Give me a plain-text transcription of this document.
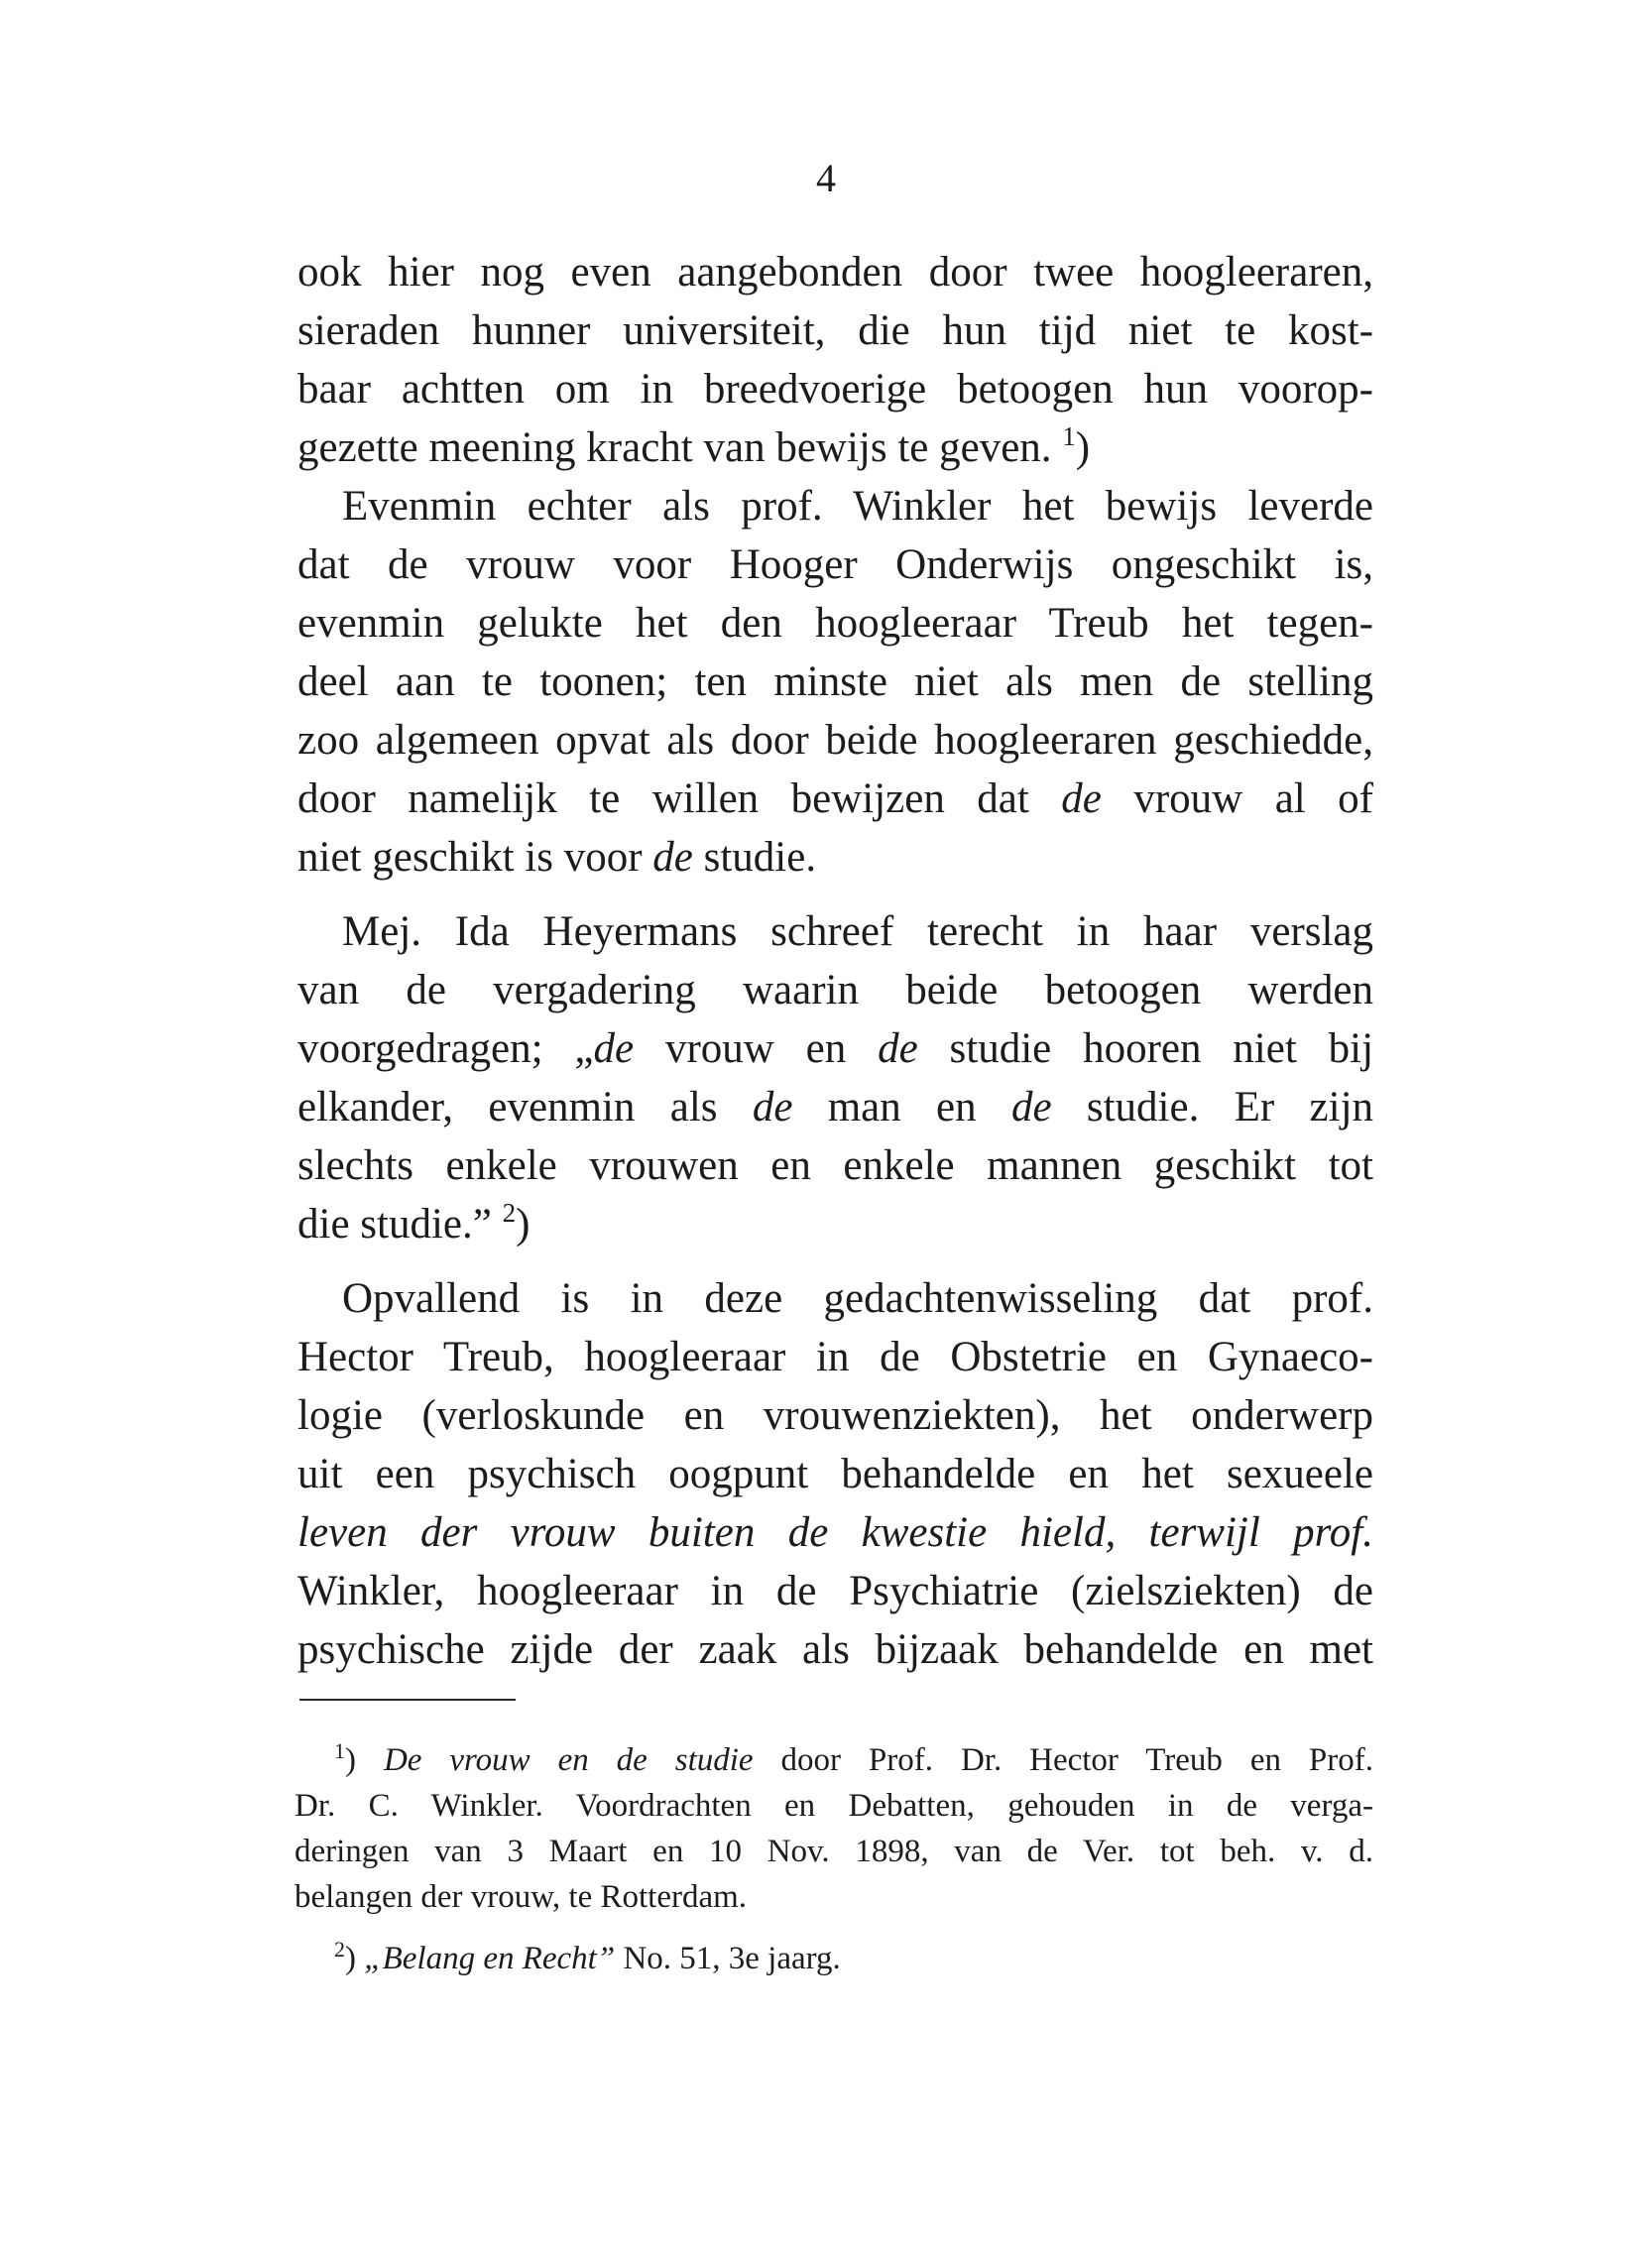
4
ook hier nog even aangebonden door twee hoogleeraren,
sieraden hunner universiteit, die hun tijd niet te kost-
baar achtten om in breedvoerige betoogen hun voorop-
gezette meening kracht van bewijs te geven. $^1$)
Evenmin echter als prof. Winkler het bewijs leverde
dat de vrouw voor Hooger Onderwijs ongeschikt is,
evenmin gelukte het den hoogleeraar Treub het tegen-
deel aan te toonen; ten minste niet als men de stelling
zoo algemeen opvat als door beide hoogleeraren geschiedde,
door namelijk te willen bewijzen dat de vrouw al of
niet geschikt is voor de studie.
Mej. Ida Heyermans schreef terecht in haar verslag
van de vergadering waarin beide betoogen werden
voorgedragen; „de vrouw en de studie hooren niet bij
elkander, evenmin als de man en de studie. Er zijn
slechts enkele vrouwen en enkele mannen geschikt tot
die studie.” $^2$)
Opvallend is in deze gedachtenwisseling dat prof.
Hector Treub, hoogleeraar in de Obstetrie en Gynaeco-
logie (verloskunde en vrouwenziekten), het onderwerp
uit een psychisch oogpunt behandelde en het sexueele
leven der vrouw buiten de kwestie hield, terwijl prof.
Winkler, hoogleeraar in de Psychiatrie (zielsziekten) de
psychische zijde der zaak als bijzaak behandelde en met
$^1$) De vrouw en de studie door Prof. Dr. Hector Treub en Prof.
Dr. C. Winkler. Voordrachten en Debatten, gehouden in de verga-
deringen van 3 Maart en 10 Nov. 1898, van de Ver. tot beh. v. d.
belangen der vrouw, te Rotterdam.
$^2$) „Belang en Recht” No. 51, 3e jaarg.
